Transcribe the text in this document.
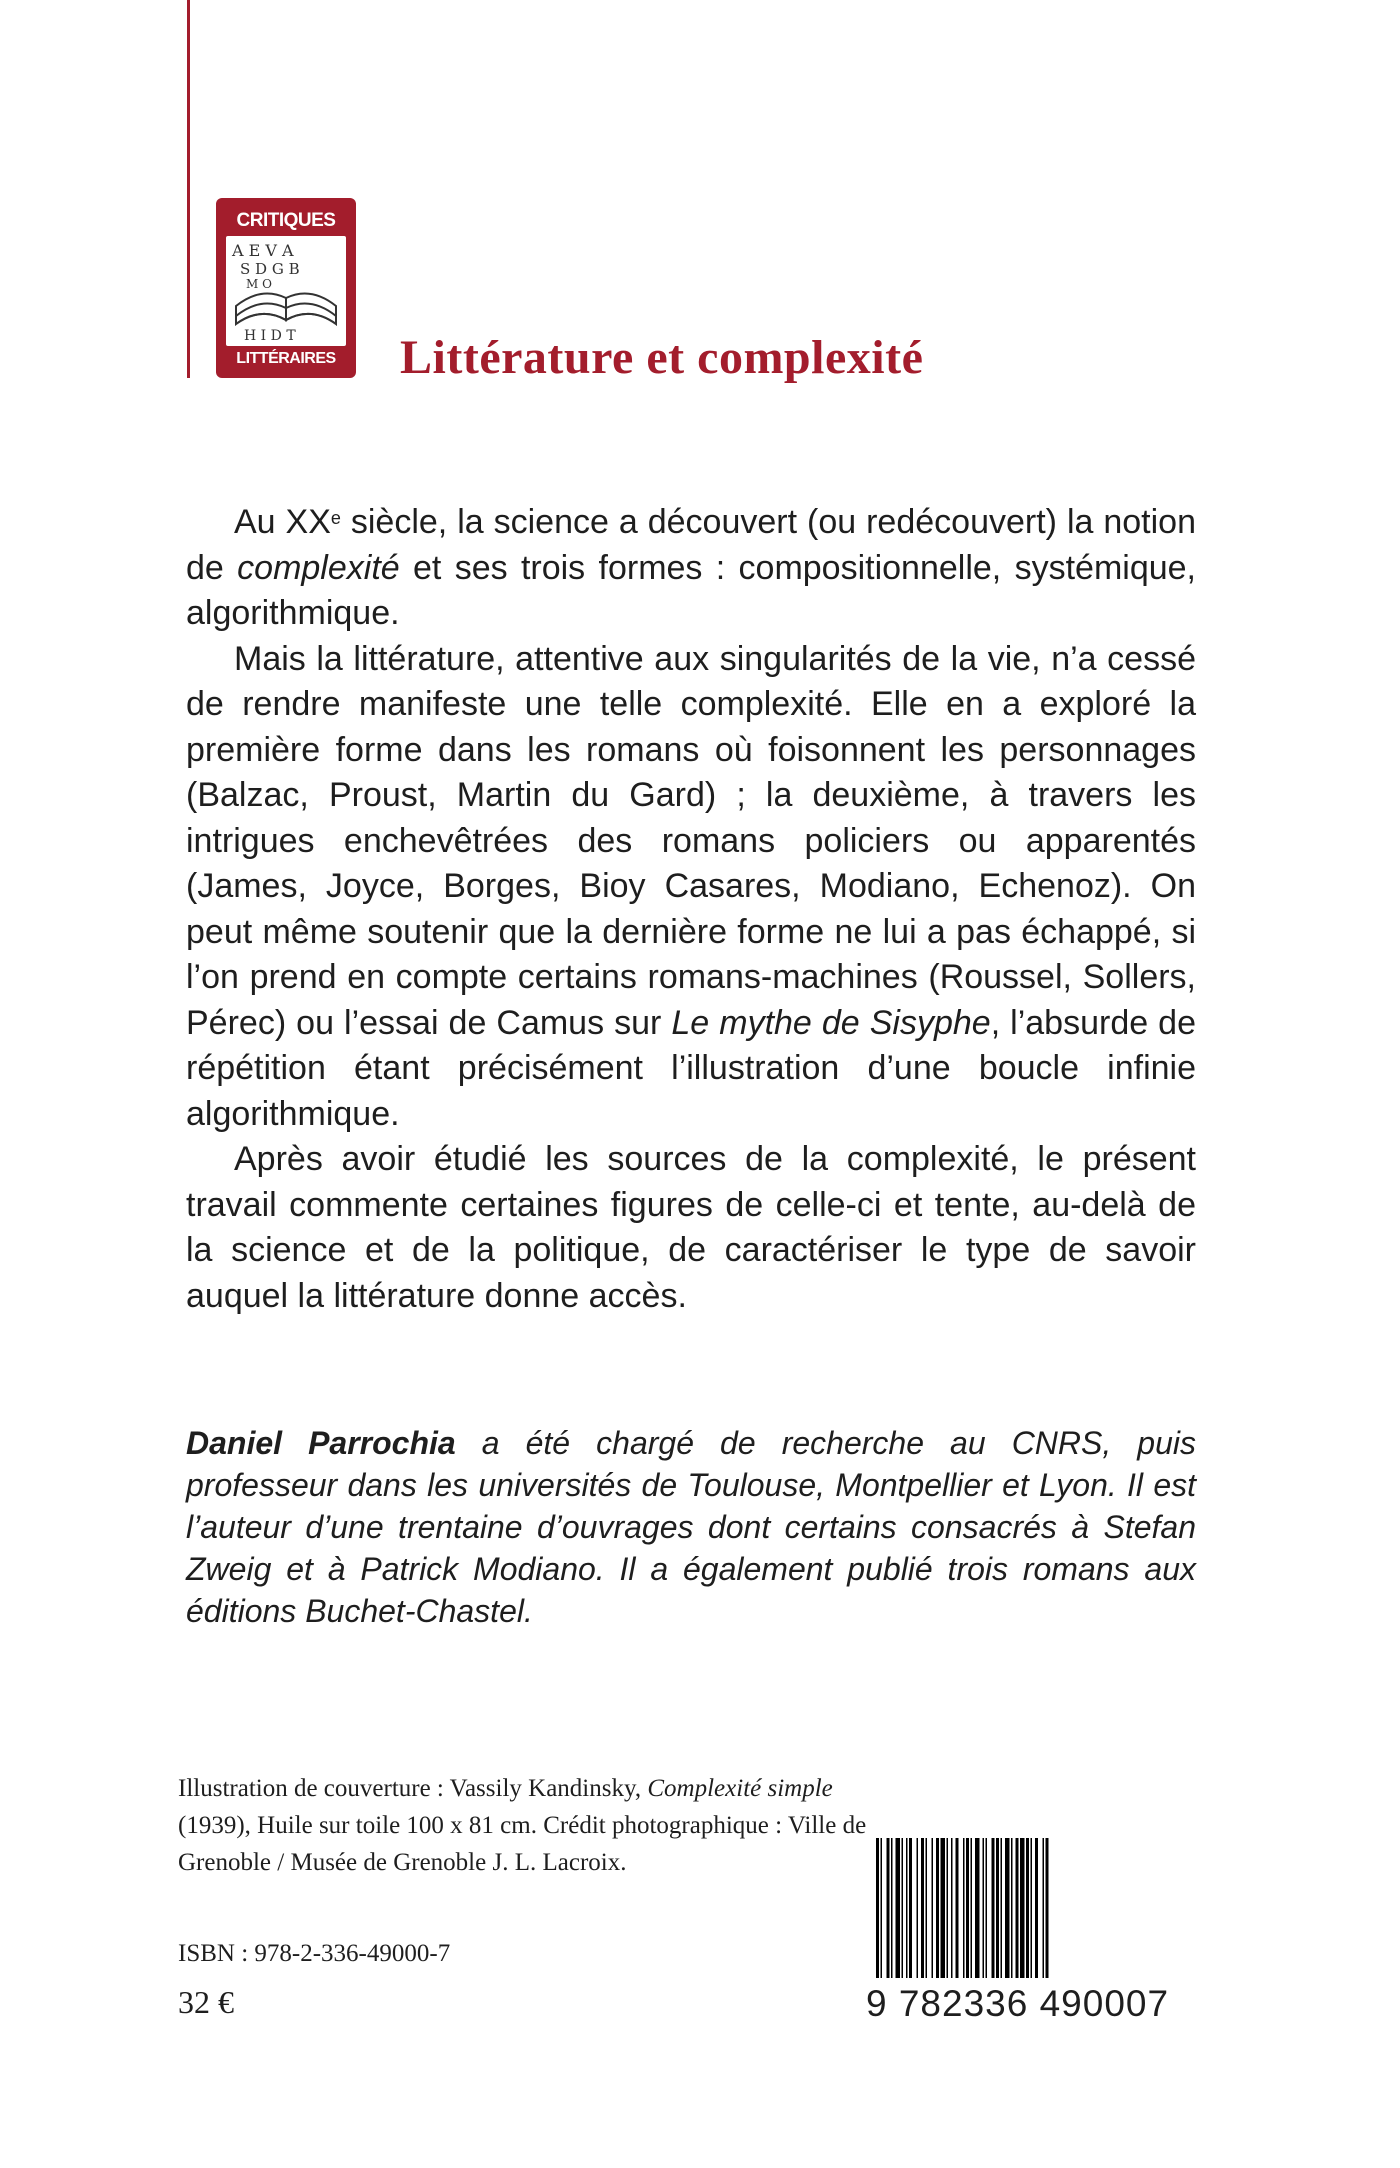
CRITIQUES
A E V A
S D G B
M O
H I D T
LITTÉRAIRES	Littérature et complexité

Au XXe siècle, la science a découvert (ou redécouvert) la notion de complexité et ses trois formes : compositionnelle, systémique, algorithmique.

Mais la littérature, attentive aux singularités de la vie, n’a cessé de rendre manifeste une telle complexité. Elle en a exploré la première forme dans les romans où foisonnent les personnages (Balzac, Proust, Martin du Gard) ; la deuxième, à travers les intrigues enchevêtrées des romans policiers ou apparentés (James, Joyce, Borges, Bioy Casares, Modiano, Echenoz). On peut même soutenir que la dernière forme ne lui a pas échappé, si l’on prend en compte certains romans-machines (Roussel, Sollers, Pérec) ou l’essai de Camus sur Le mythe de Sisyphe, l’absurde de répétition étant précisément l’illustration d’une boucle infinie algorithmique.

Après avoir étudié les sources de la complexité, le présent travail commente certaines figures de celle-ci et tente, au-delà de la science et de la politique, de caractériser le type de savoir auquel la littérature donne accès.

Daniel Parrochia a été chargé de recherche au CNRS, puis professeur dans les universités de Toulouse, Montpellier et Lyon. Il est l’auteur d’une trentaine d’ouvrages dont certains consacrés à Stefan Zweig et à Patrick Modiano. Il a également publié trois romans aux éditions Buchet-Chastel.

Illustration de couverture : Vassily Kandinsky, Complexité simple (1939), Huile sur toile 100 x 81 cm. Crédit photographique : Ville de Grenoble / Musée de Grenoble J. L. Lacroix.

ISBN : 978-2-336-49000-7
32 €	9 782336 490007
